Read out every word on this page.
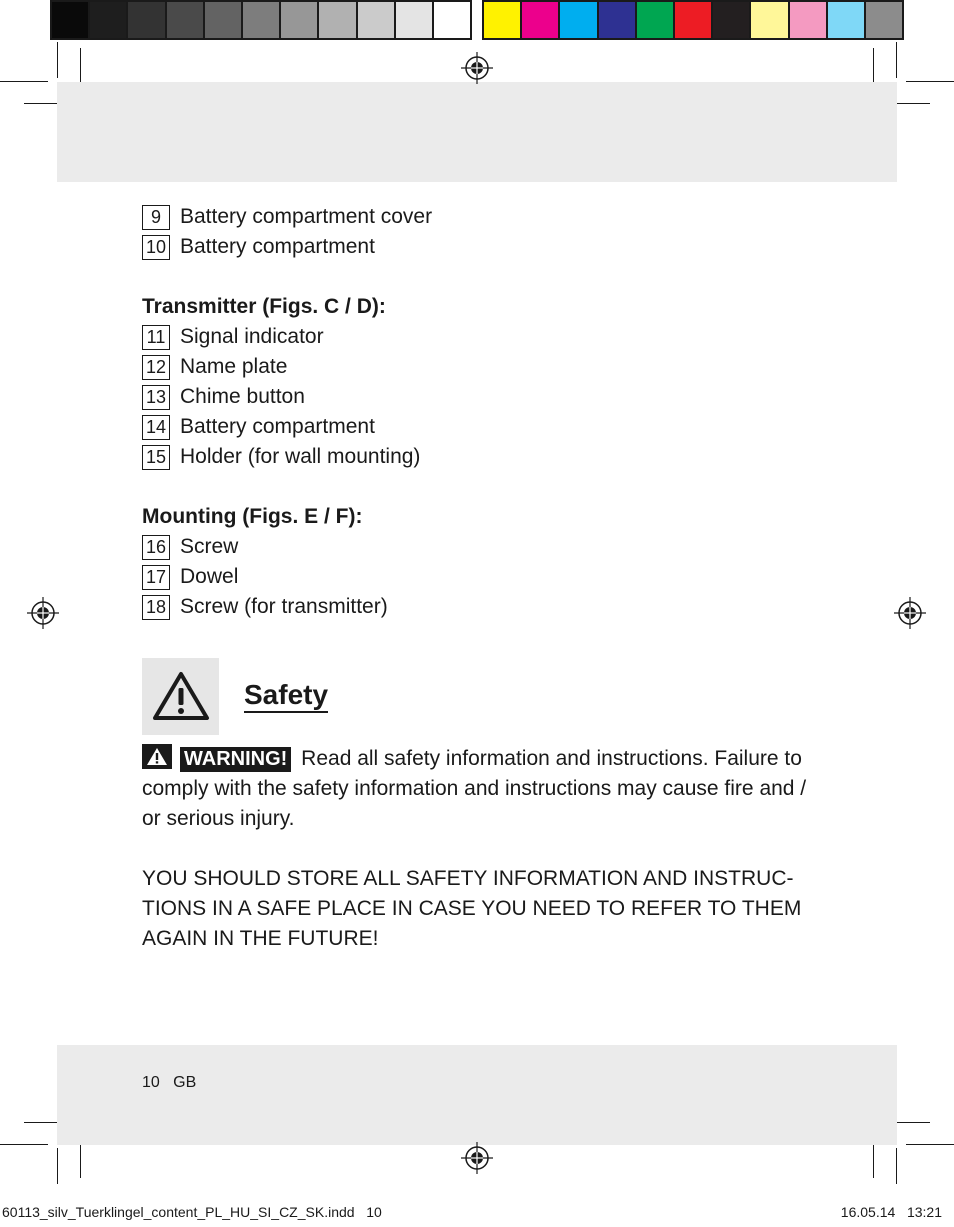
9 Battery compartment cover
10 Battery compartment
Transmitter (Figs. C / D):
11 Signal indicator
12 Name plate
13 Chime button
14 Battery compartment
15 Holder (for wall mounting)
Mounting (Figs. E / F):
16 Screw
17 Dowel
18 Screw (for transmitter)
Safety
WARNING! Read all safety information and instructions. Failure to comply with the safety information and instructions may cause fire and / or serious injury.
YOU SHOULD STORE ALL SAFETY INFORMATION AND INSTRUC-TIONS IN A SAFE PLACE IN CASE YOU NEED TO REFER TO THEM AGAIN IN THE FUTURE!
10 GB
60113_silv_Tuerklingel_content_PL_HU_SI_CZ_SK.indd 10	16.05.14 13:21
